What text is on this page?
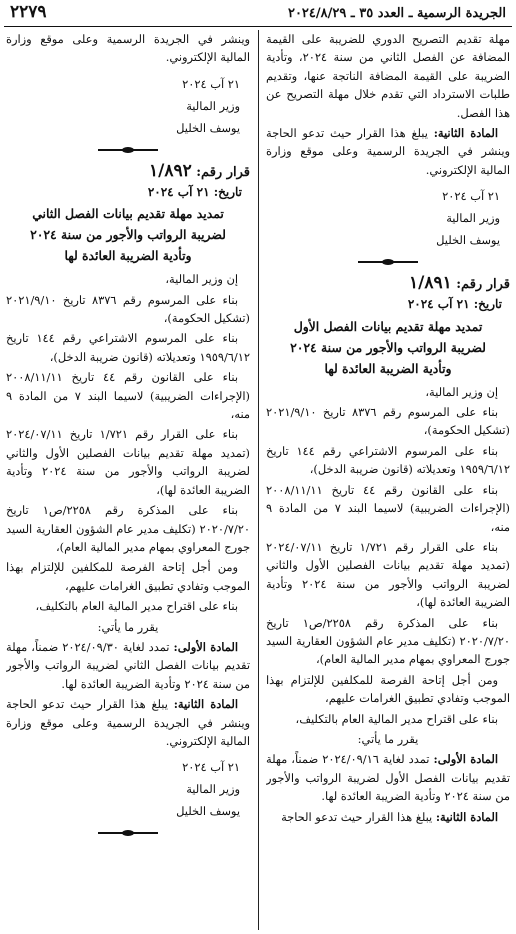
الجريدة الرسمية ـ العدد ٣٥ ـ ٢٠٢٤/٨/٢٩
٢٢٧٩

مهلة تقديم التصريح الدوري للضريبة على القيمة المضافة عن الفصل الثاني من سنة ٢٠٢٤، وتأدية الضريبة على القيمة المضافة الناتجة عنها، وتقديم طلبات الاسترداد التي تقدم خلال مهلة التصريح عن هذا الفصل.

المادة الثانية: يبلغ هذا القرار حيث تدعو الحاجة وينشر في الجريدة الرسمية وعلى موقع وزارة المالية الإلكتروني.

٢١ آب ٢٠٢٤
وزير المالية
يوسف الخليل
قرار رقم: ١/٨٩١
تاريخ: ٢١ آب ٢٠٢٤
تمديد مهلة تقديم بيانات الفصل الأول
لضريبة الرواتب والأجور من سنة ٢٠٢٤
وتأدية الضريبة العائدة لها

إن وزير المالية،

بناء على المرسوم رقم ٨٣٧٦ تاريخ ٢٠٢١/٩/١٠ (تشكيل الحكومة)،

بناء على المرسوم الاشتراعي رقم ١٤٤ تاريخ ١٩٥٩/٦/١٢ وتعديلاته (قانون ضريبة الدخل)،

بناء على القانون رقم ٤٤ تاريخ ٢٠٠٨/١١/١١ (الإجراءات الضريبية) لاسيما البند ٧ من المادة ٩ منه،

بناء على القرار رقم ١/٧٢١ تاريخ ٢٠٢٤/٠٧/١١ (تمديد مهلة تقديم بيانات الفصلين الأول والثاني لضريبة الرواتب والأجور من سنة ٢٠٢٤ وتأدية الضريبة العائدة لها)،

بناء على المذكرة رقم ٢٢٥٨/ص١ تاريخ ٢٠٢٠/٧/٢٠ (تكليف مدير عام الشؤون العقارية السيد جورج المعراوي بمهام مدير المالية العام)،

ومن أجل إتاحة الفرصة للمكلفين للإلتزام بهذا الموجب وتفادي تطبيق الغرامات عليهم،

بناء على اقتراح مدير المالية العام بالتكليف،

يقرر ما يأتي:

المادة الأولى: تمدد لغاية ٢٠٢٤/٠٩/١٦ ضمناً، مهلة تقديم بيانات الفصل الأول لضريبة الرواتب والأجور من سنة ٢٠٢٤ وتأدية الضريبة العائدة لها.

المادة الثانية: يبلغ هذا القرار حيث تدعو الحاجة

وينشر في الجريدة الرسمية وعلى موقع وزارة المالية الإلكتروني.

٢١ آب ٢٠٢٤
وزير المالية
يوسف الخليل
قرار رقم: ١/٨٩٢
تاريخ: ٢١ آب ٢٠٢٤
تمديد مهلة تقديم بيانات الفصل الثاني
لضريبة الرواتب والأجور من سنة ٢٠٢٤
وتأدية الضريبة العائدة لها

إن وزير المالية،

بناء على المرسوم رقم ٨٣٧٦ تاريخ ٢٠٢١/٩/١٠ (تشكيل الحكومة)،

بناء على المرسوم الاشتراعي رقم ١٤٤ تاريخ ١٩٥٩/٦/١٢ وتعديلاته (قانون ضريبة الدخل)،

بناء على القانون رقم ٤٤ تاريخ ٢٠٠٨/١١/١١ (الإجراءات الضريبية) لاسيما البند ٧ من المادة ٩ منه،

بناء على القرار رقم ١/٧٢١ تاريخ ٢٠٢٤/٠٧/١١ (تمديد مهلة تقديم بيانات الفصلين الأول والثاني لضريبة الرواتب والأجور من سنة ٢٠٢٤ وتأدية الضريبة العائدة لها)،

بناء على المذكرة رقم ٢٢٥٨/ص١ تاريخ ٢٠٢٠/٧/٢٠ (تكليف مدير عام الشؤون العقارية السيد جورج المعراوي بمهام مدير المالية العام)،

ومن أجل إتاحة الفرصة للمكلفين للإلتزام بهذا الموجب وتفادي تطبيق الغرامات عليهم،

بناء على اقتراح مدير المالية العام بالتكليف،

يقرر ما يأتي:

المادة الأولى: تمدد لغاية ٢٠٢٤/٠٩/٣٠ ضمناً، مهلة تقديم بيانات الفصل الثاني لضريبة الرواتب والأجور من سنة ٢٠٢٤ وتأدية الضريبة العائدة لها.

المادة الثانية: يبلغ هذا القرار حيث تدعو الحاجة وينشر في الجريدة الرسمية وعلى موقع وزارة المالية الإلكتروني.

٢١ آب ٢٠٢٤
وزير المالية
يوسف الخليل
